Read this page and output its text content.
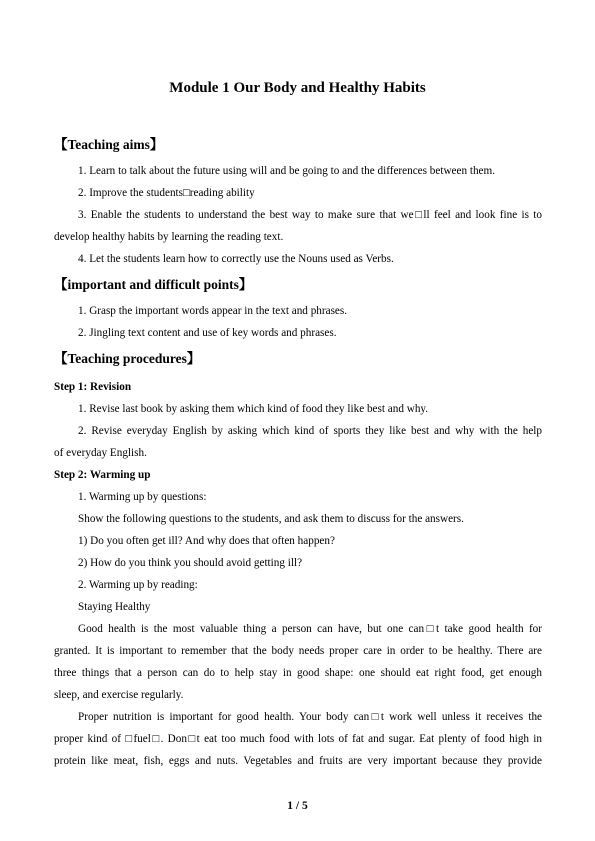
Module 1 Our Body and Healthy Habits
【Teaching aims】
1. Learn to talk about the future using will and be going to and the differences between them.
2. Improve the students□reading ability
3. Enable the students to understand the best way to make sure that we□ll feel and look fine is to
develop healthy habits by learning the reading text.
4. Let the students learn how to correctly use the Nouns used as Verbs.
【important and difficult points】
1. Grasp the important words appear in the text and phrases.
2. Jingling text content and use of key words and phrases.
【Teaching procedures】
Step 1: Revision
1. Revise last book by asking them which kind of food they like best and why.
2. Revise everyday English by asking which kind of sports they like best and why with the help
of everyday English.
Step 2: Warming up
1. Warming up by questions:
Show the following questions to the students, and ask them to discuss for the answers.
1) Do you often get ill? And why does that often happen?
2) How do you think you should avoid getting ill?
2. Warming up by reading:
Staying Healthy
Good health is the most valuable thing a person can have, but one can□t take good health for
granted. It is important to remember that the body needs proper care in order to be healthy. There are
three things that a person can do to help stay in good shape: one should eat right food, get enough
sleep, and exercise regularly.
Proper nutrition is important for good health. Your body can□t work well unless it receives the
proper kind of □fuel□. Don□t eat too much food with lots of fat and sugar. Eat plenty of food high in
protein like meat, fish, eggs and nuts. Vegetables and fruits are very important because they provide
1 / 5
